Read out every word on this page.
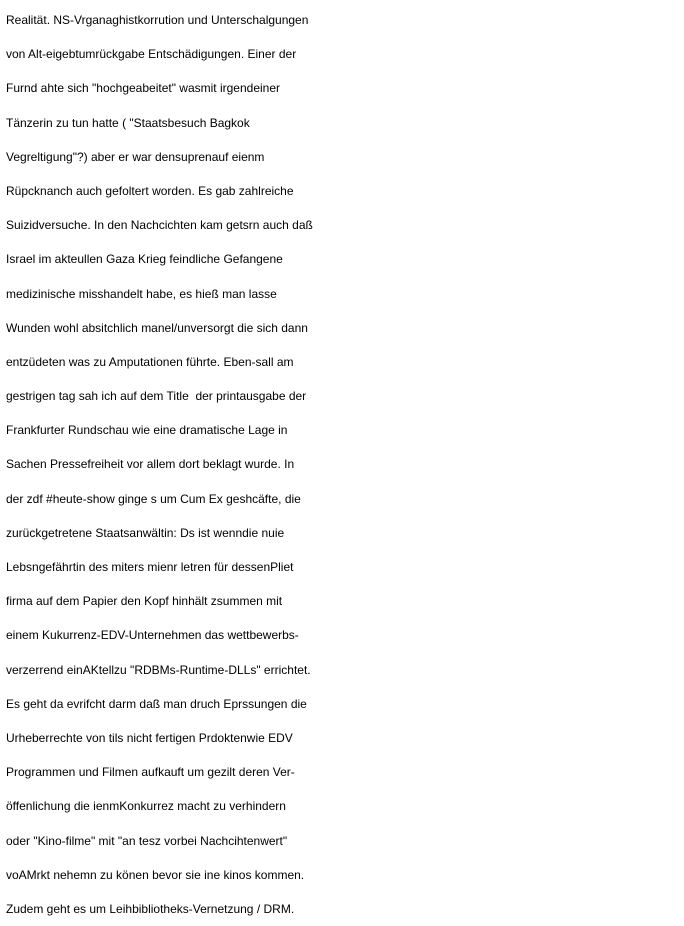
Realität. NS-Vrganaghistkorrution und Unterschalgungen
von Alt-eigebtumrückgabe Entschädigungen. Einer der
Furnd ahte sich "hochgeabeitet" wasmit irgendeiner
Tänzerin zu tun hatte ( "Staatsbesuch Bagkok
Vegreltigung"?) aber er war densuprenauf eienm
Rüpcknanch auch gefoltert worden. Es gab zahlreiche
Suizidversuche. In den Nachcichten kam getsrn auch daß
Israel im akteullen Gaza Krieg feindliche Gefangene
medizinische misshandelt habe, es hieß man lasse
Wunden wohl absitchlich manel/unversorgt die sich dann
entzüdeten was zu Amputationen führte. Eben-sall am
gestrigen tag sah ich auf dem Title  der printausgabe der
Frankfurter Rundschau wie eine dramatische Lage in
Sachen Pressefreiheit vor allem dort beklagt wurde. In
der zdf #heute-show ginge s um Cum Ex geshcäfte, die
zurückgetretene Staatsanwältin: Ds ist wenndie nuie
Lebsngefährtin des miters mienr letren für dessenPliet
firma auf dem Papier den Kopf hinhält zsummen mit
einem Kukurrenz-EDV-Unternehmen das wettbewerbs-
verzerrend einAKtellzu "RDBMs-Runtime-DLLs" errichtet.
Es geht da evrifcht darm daß man druch Eprssungen die
Urheberrechte von tils nicht fertigen Prdoktenwie EDV
Programmen und Filmen aufkauft um gezilt deren Ver-
öffenlichung die ienmKonkurrez macht zu verhindern
oder "Kino-filme" mit "an tesz vorbei Nachcihtenwert"
voAMrkt nehemn zu könen bevor sie ine kinos kommen.
Zudem geht es um Leihbibliotheks-Vernetzung / DRM.
